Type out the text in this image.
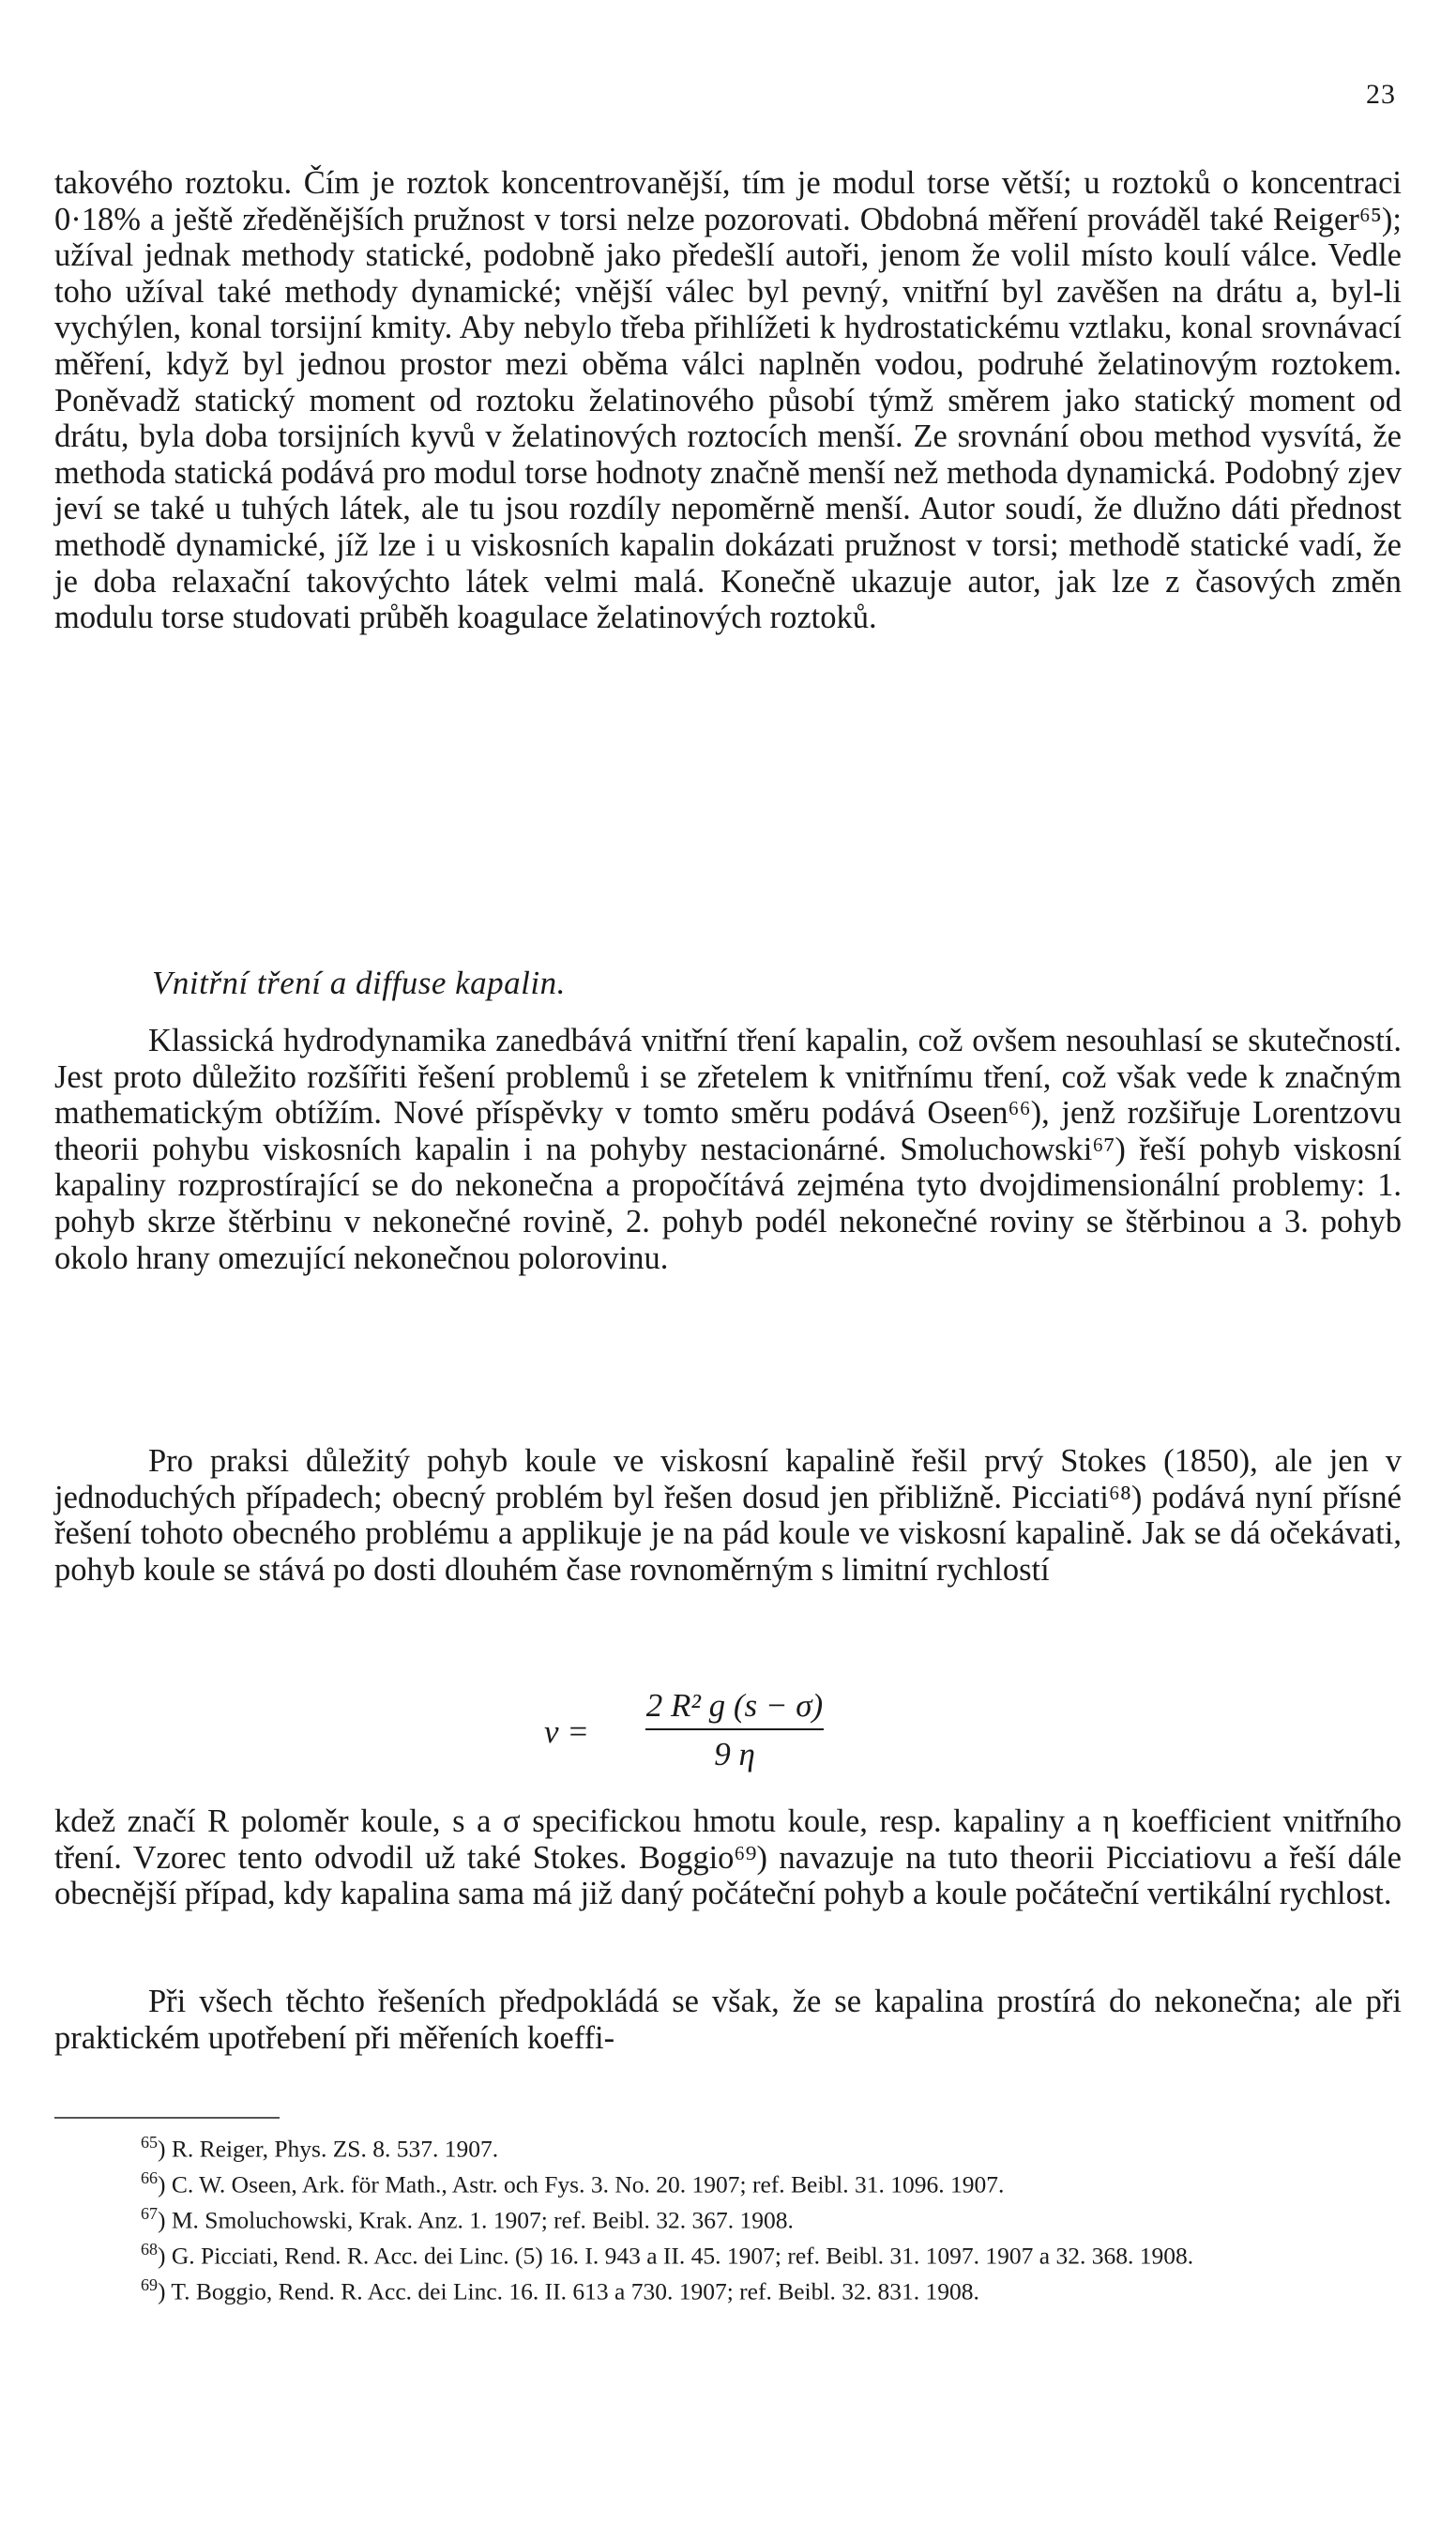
23

takového roztoku. Čím je roztok koncentrovanější, tím je modul torse větší; u roztoků o koncentraci 0·18% a ještě zředěnějších pružnost v torsi nelze pozorovati. Obdobná měření prováděl také Reiger⁶⁵); užíval jednak methody statické, podobně jako předešlí autoři, jenom že volil místo koulí válce. Vedle toho užíval také methody dynamické; vnější válec byl pevný, vnitřní byl zavěšen na drátu a, byl-li vychýlen, konal torsijní kmity. Aby nebylo třeba přihlížeti k hydrostatickému vztlaku, konal srovnávací měření, když byl jednou prostor mezi oběma válci naplněn vodou, podruhé želatinovým roztokem. Poněvadž statický moment od roztoku želatinového působí týmž směrem jako statický moment od drátu, byla doba torsijních kyvů v želatinových roztocích menší. Ze srovnání obou method vysvítá, že methoda statická podává pro modul torse hodnoty značně menší než methoda dynamická. Podobný zjev jeví se také u tuhých látek, ale tu jsou rozdíly nepoměrně menší. Autor soudí, že dlužno dáti přednost methodě dynamické, jíž lze i u viskosních kapalin dokázati pružnost v torsi; methodě statické vadí, že je doba relaxační takovýchto látek velmi malá. Konečně ukazuje autor, jak lze z časových změn modulu torse studovati průběh koagulace želatinových roztoků.

Vnitřní tření a diffuse kapalin.

Klassická hydrodynamika zanedbává vnitřní tření kapalin, což ovšem nesouhlasí se skutečností. Jest proto důležito rozšířiti řešení problemů i se zřetelem k vnitřnímu tření, což však vede k značným mathematickým obtížím. Nové příspěvky v tomto směru podává Oseen⁶⁶), jenž rozšiřuje Lorentzovu theorii pohybu viskosních kapalin i na pohyby nestacionárné. Smoluchowski⁶⁷) řeší pohyb viskosní kapaliny rozprostírající se do nekonečna a propočítává zejména tyto dvojdimensionální problemy: 1. pohyb skrze štěrbinu v nekonečné rovině, 2. pohyb podél nekonečné roviny se štěrbinou a 3. pohyb okolo hrany omezující nekonečnou polorovinu.

Pro praksi důležitý pohyb koule ve viskosní kapalině řešil prvý Stokes (1850), ale jen v jednoduchých případech; obecný problém byl řešen dosud jen přibližně. Picciati⁶⁸) podává nyní přísné řešení tohoto obecného problému a applikuje je na pád koule ve viskosní kapalině. Jak se dá očekávati, pohyb koule se stává po dosti dlouhém čase rovnoměrným s limitní rychlostí

v =
2 R² g (s − σ)
9 η

kdež značí R poloměr koule, s a σ specifickou hmotu koule, resp. kapaliny a η koefficient vnitřního tření. Vzorec tento odvodil už také Stokes. Boggio⁶⁹) navazuje na tuto theorii Picciatiovu a řeší dále obecnější případ, kdy kapalina sama má již daný počáteční pohyb a koule počáteční vertikální rychlost.

Při všech těchto řešeních předpokládá se však, že se kapalina prostírá do nekonečna; ale při praktickém upotřebení při měřeních koeffi-

$^{65}$) R. Reiger, Phys. ZS. 8. 537. 1907.

$^{66}$) C. W. Oseen, Ark. för Math., Astr. och Fys. 3. No. 20. 1907; ref. Beibl. 31. 1096. 1907.

$^{67}$) M. Smoluchowski, Krak. Anz. 1. 1907; ref. Beibl. 32. 367. 1908.

$^{68}$) G. Picciati, Rend. R. Acc. dei Linc. (5) 16. I. 943 a II. 45. 1907; ref. Beibl. 31. 1097. 1907 a 32. 368. 1908.

$^{69}$) T. Boggio, Rend. R. Acc. dei Linc. 16. II. 613 a 730. 1907; ref. Beibl. 32. 831. 1908.
